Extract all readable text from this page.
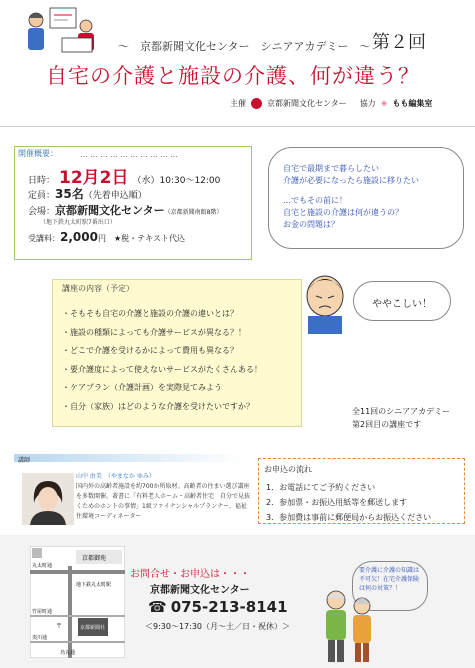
～　京都新聞文化センター　シニアアカデミー　～ 第２回
自宅の介護と施設の介護、何が違う？
主催	京都新聞文化センター 協力 ❀ もも編集室
開催概要：	…………………………
日時： 12月2日 （水）10:30～12:00
定員：35名（先着申込順）
会場：京都新聞文化センター（京都新聞南館8階）
（地下鉄丸太町駅7番出口）
受講料：2,000円　 ★税・テキスト代込
自宅で最期まで暮らしたい
介護が必要になったら施設に移りたい
…でもその前に！
自宅と施設の介護は何が違うの？
お金の問題は？
講座の内容（予定）
・そもそも自宅の介護と施設の介護の違いとは？
・施設の種類によっても介護サービスが異なる？！
・どこで介護を受けるかによって費用も異なる？
・要介護度によって使えないサービスがたくさんある！
・ケアプラン（介護計画）を実際見てみよう
・自分（家族）はどのような介護を受けたいですか？
ややこしい！
全11回のシニアアカデミー
第2回目の講座です
講師
山中 由美　（やまなか ゆみ）
国内外の高齢者施設を約700か所取材。高齢者の住まい選び講座を多数開催。著書に「有料老人ホーム・高齢者住宅　自分で見抜くためのホントの事情」1級ファイナンシャルプランナー、福祉住環境コーディネーター
お申込の流れ
1．お電話にてご予約ください
2．参加票・お振込用紙等を郵送します
3．参加費は事前に郵便局からお振込ください
京都御苑
丸太町通
烏丸通
竹屋町通
夷川通
地下鉄丸太町駅
京都新聞社
〒
お問合せ・お申込は・・・
京都新聞文化センター
☎ 075-213-8141
＜9:30～17:30（月～土／日・祝休）＞
要介護に介護の知識は不可欠！在宅介護保険は何の対策？！
